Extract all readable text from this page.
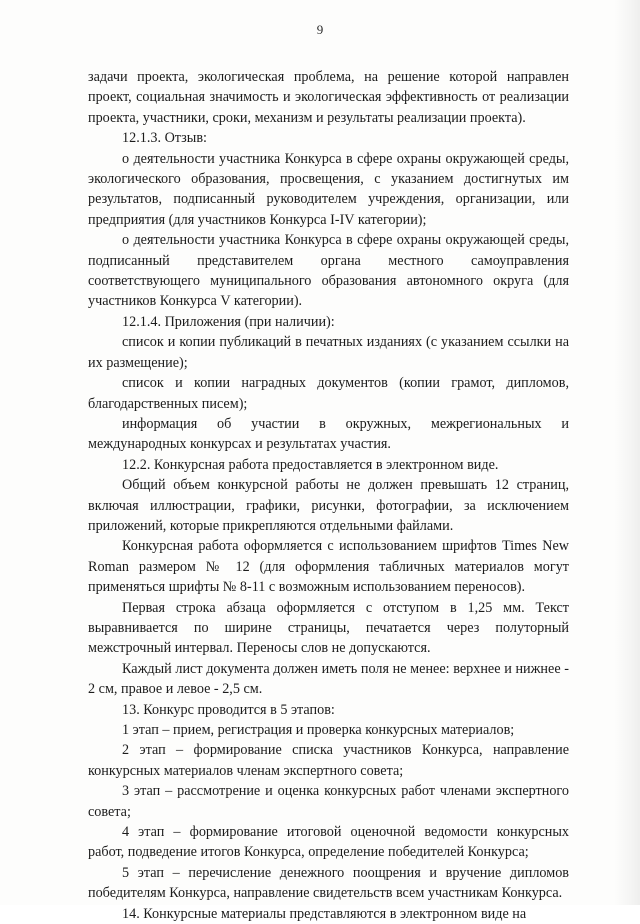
9

задачи проекта, экологическая проблема, на решение которой направлен проект, социальная значимость и экологическая эффективность от реализации проекта, участники, сроки, механизм и результаты реализации проекта).

12.1.3. Отзыв:

о деятельности участника Конкурса в сфере охраны окружающей среды, экологического образования, просвещения, с указанием достигнутых им результатов, подписанный руководителем учреждения, организации, или предприятия (для участников Конкурса I-IV категории);

о деятельности участника Конкурса в сфере охраны окружающей среды, подписанный представителем органа местного самоуправления соответствующего муниципального образования автономного округа (для участников Конкурса V категории).

12.1.4. Приложения (при наличии):

список и копии публикаций в печатных изданиях (с указанием ссылки на их размещение);

список и копии наградных документов (копии грамот, дипломов, благодарственных писем);

информация об участии в окружных, межрегиональных и международных конкурсах и результатах участия.

12.2. Конкурсная работа предоставляется в электронном виде.

Общий объем конкурсной работы не должен превышать 12 страниц, включая иллюстрации, графики, рисунки, фотографии, за исключением приложений, которые прикрепляются отдельными файлами.

Конкурсная работа оформляется с использованием шрифтов Times New Roman размером № 12 (для оформления табличных материалов могут применяться шрифты № 8-11 с возможным использованием переносов).

Первая строка абзаца оформляется с отступом в 1,25 мм. Текст выравнивается по ширине страницы, печатается через полуторный межстрочный интервал. Переносы слов не допускаются.

Каждый лист документа должен иметь поля не менее: верхнее и нижнее - 2 см, правое и левое - 2,5 см.

13. Конкурс проводится в 5 этапов:

1 этап – прием, регистрация и проверка конкурсных материалов;

2 этап – формирование списка участников Конкурса, направление конкурсных материалов членам экспертного совета;

3 этап – рассмотрение и оценка конкурсных работ членами экспертного совета;

4 этап – формирование итоговой оценочной ведомости конкурсных работ, подведение итогов Конкурса, определение победителей Конкурса;

5 этап – перечисление денежного поощрения и вручение дипломов победителям Конкурса, направление свидетельств всем участникам Конкурса.

14. Конкурсные материалы представляются в электронном виде на
